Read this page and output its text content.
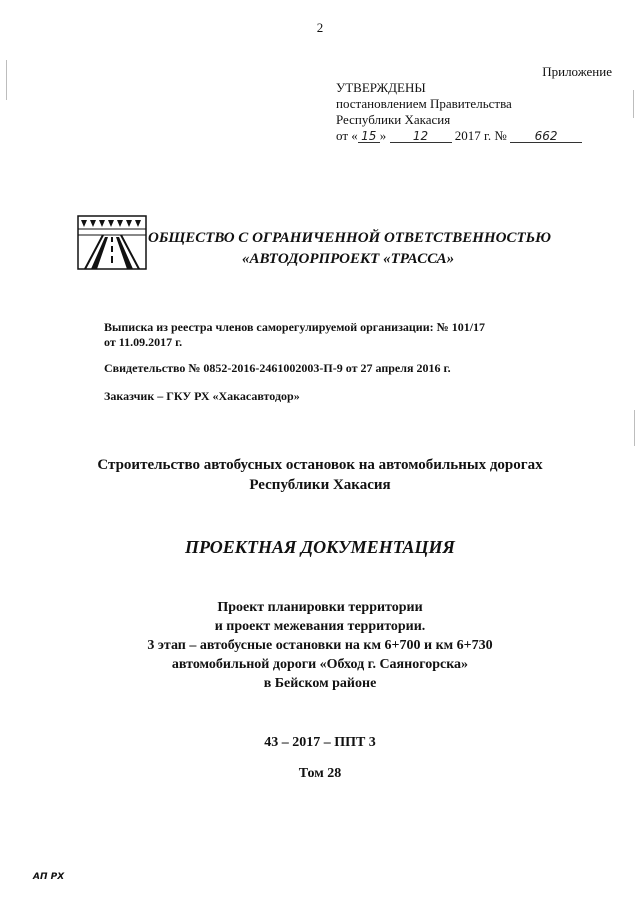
2
Приложение
УТВЕРЖДЕНЫ
постановлением Правительства
Республики Хакасия
от « 15 » 12 2017 г. № 662
ОБЩЕСТВО С ОГРАНИЧЕННОЙ ОТВЕТСТВЕННОСТЬЮ
«АВТОДОРПРОЕКТ «ТРАССА»
Выписка из реестра членов саморегулируемой организации: № 101/17
от 11.09.2017 г.
Свидетельство № 0852-2016-2461002003-П-9 от 27 апреля 2016 г.
Заказчик – ГКУ РХ «Хакасавтодор»
Строительство автобусных остановок на автомобильных дорогах
Республики Хакасия
ПРОЕКТНАЯ ДОКУМЕНТАЦИЯ
Проект планировки территории
и проект межевания территории.
3 этап – автобусные остановки на км 6+700 и км 6+730
автомобильной дороги «Обход г. Саяногорска»
в Бейском районе
43 – 2017 – ППТ 3
Том 28
АП РХ
